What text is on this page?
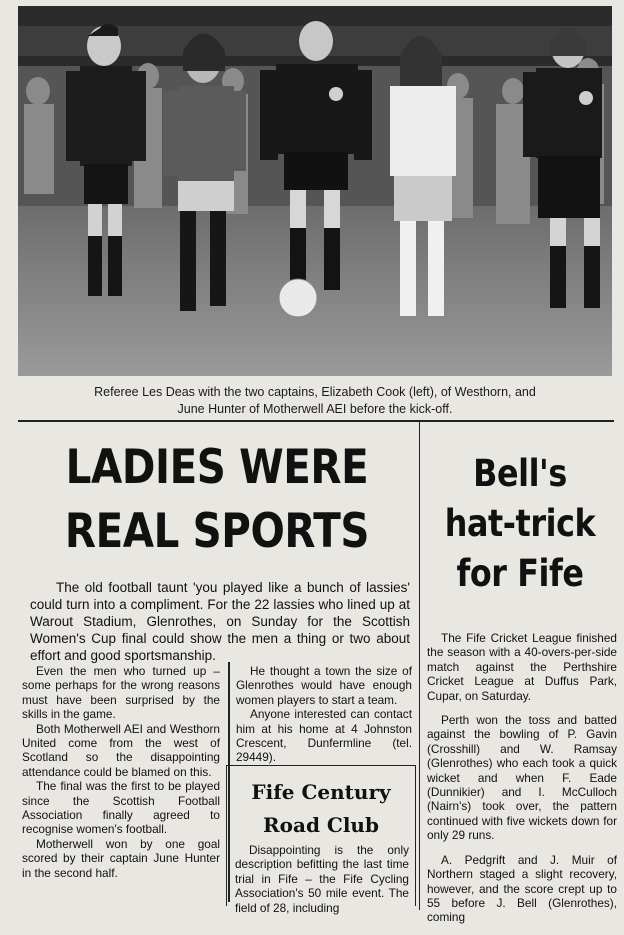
Referee Les Deas with the two captains, Elizabeth Cook (left), of Westhorn, and
June Hunter of Motherwell AEI before the kick-off.
LADIES WERE
REAL SPORTS
The old football taunt 'you played like a bunch of lassies' could turn into a compliment. For the 22 lassies who lined up at Warout Stadium, Glenrothes, on Sunday for the Scottish Women's Cup final could show the men a thing or two about effort and good sportsmanship.

Even the men who turned up – some perhaps for the wrong reasons must have been surprised by the skills in the game.

Both Motherwell AEI and Westhorn United come from the west of Scotland so the disappointing attendance could be blamed on this.

The final was the first to be played since the Scottish Football Association finally agreed to recognise women's football.

Motherwell won by one goal scored by their captain June Hunter in the second half.

He thought a town the size of Glenrothes would have enough women players to start a team.

Anyone interested can contact him at his home at 4 Johnston Crescent, Dunfermline (tel. 29449).

Fife Century
Road Club
Disappointing is the only description befitting the last time trial in Fife – the Fife Cycling Association's 50 mile event. The field of 28, including
Bell's
hat-trick
for Fife

The Fife Cricket League finished the season with a 40-overs-per-side match against the Perthshire Cricket League at Duffus Park, Cupar, on Saturday.

Perth won the toss and batted against the bowling of P. Gavin (Crosshill) and W. Ramsay (Glenrothes) who each took a quick wicket and when F. Eade (Dunnikier) and I. McCulloch (Nairn's) took over, the pattern continued with five wickets down for only 29 runs.

A. Pedgrift and J. Muir of Northern staged a slight recovery, however, and the score crept up to 55 before J. Bell (Glenrothes), coming
